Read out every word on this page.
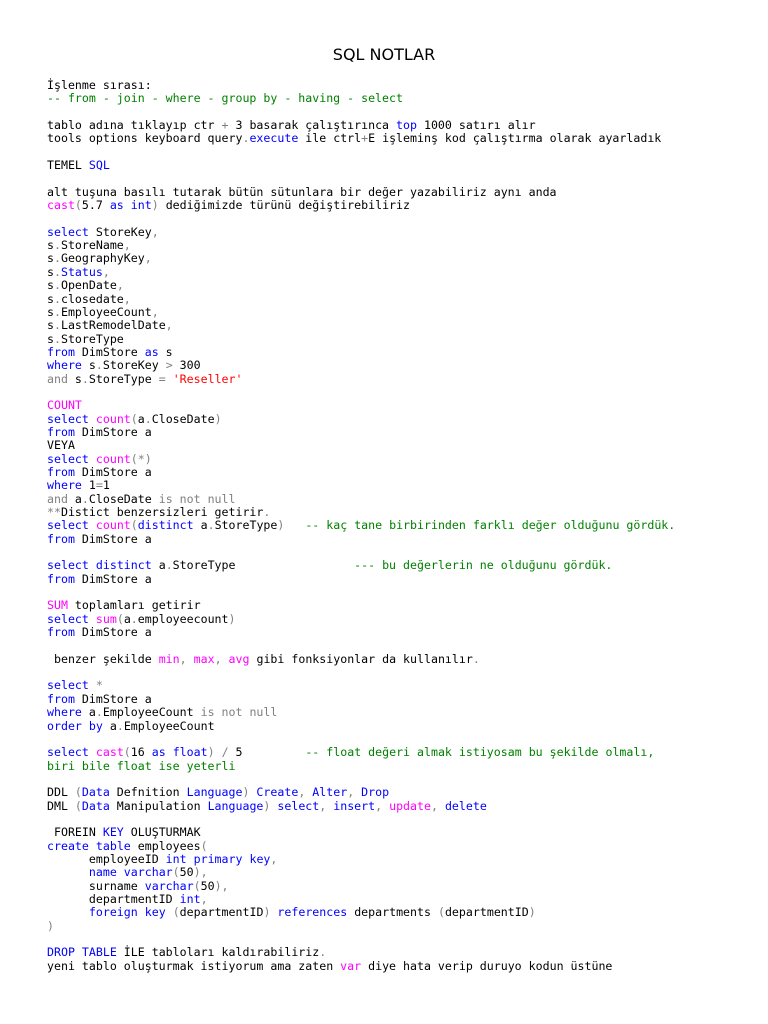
SQL NOTLAR
İşlenme sırası:
-- from - join - where - group by - having - select

tablo adına tıklayıp ctr + 3 basarak çalıştırınca top 1000 satırı alır
tools options keyboard query.execute ile ctrl+E işleminş kod çalıştırma olarak ayarladık

TEMEL SQL

alt tuşuna basılı tutarak bütün sütunlara bir değer yazabiliriz aynı anda
cast(5.7 as int) dediğimizde türünü değiştirebiliriz

select StoreKey,
s.StoreName,
s.GeographyKey,
s.Status,
s.OpenDate,
s.closedate,
s.EmployeeCount,
s.LastRemodelDate,
s.StoreType
from DimStore as s
where s.StoreKey > 300
and s.StoreType = 'Reseller'

COUNT
select count(a.CloseDate)
from DimStore a
VEYA
select count(*)
from DimStore a
where 1=1
and a.CloseDate is not null
**Distict benzersizleri getirir.
select count(distinct a.StoreType) -- kaç tane birbirinden farklı değer olduğunu gördük.
from DimStore a

select distinct a.StoreType                 --- bu değerlerin ne olduğunu gördük.
from DimStore a

SUM toplamları getirir
select sum(a.employeecount)
from DimStore a

benzer şekilde min, max, avg gibi fonksiyonlar da kullanılır.

select *
from DimStore a
where a.EmployeeCount is not null
order by a.EmployeeCount

select cast(16 as float) / 5         -- float değeri almak istiyosam bu şekilde olmalı,
biri bile float ise yeterli

DDL (Data Defnition Language) Create, Alter, Drop
DML (Data Manipulation Language) select, insert, update, delete

FOREIN KEY OLUŞTURMAK
create table employees(
employeeID int primary key,
name varchar(50),
surname varchar(50),
departmentID int,
foreign key (departmentID) references departments (departmentID)
)

DROP TABLE İLE tabloları kaldırabiliriz.
yeni tablo oluşturmak istiyorum ama zaten var diye hata verip duruyo kodun üstüne
